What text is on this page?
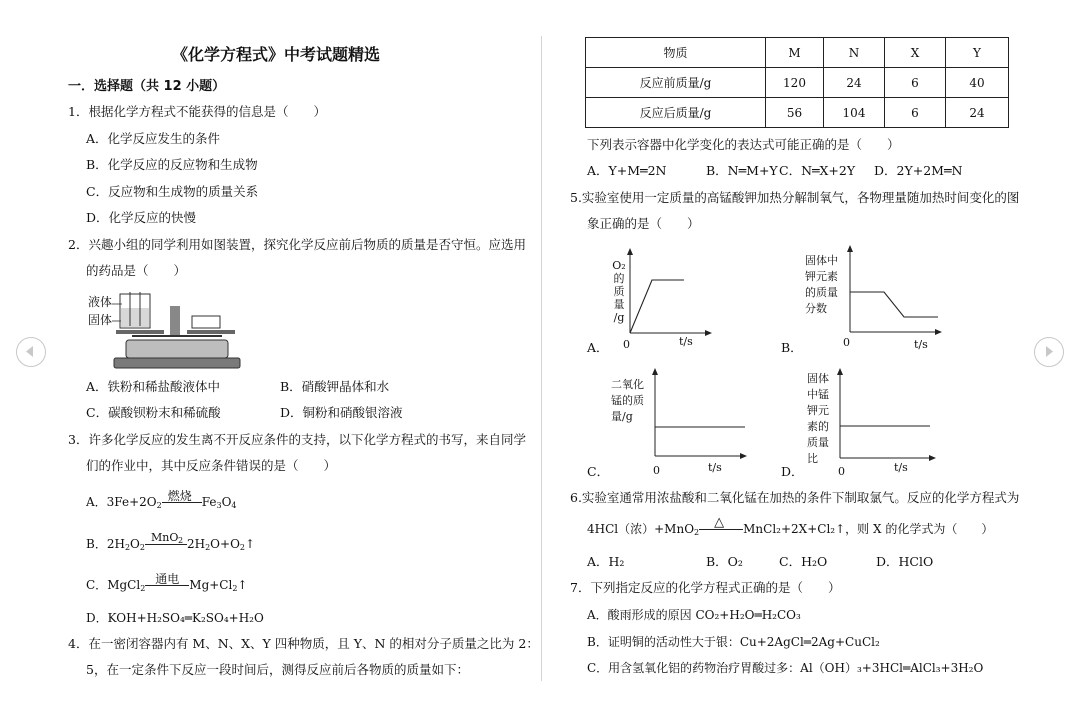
《化学方程式》中考试题精选
一．选择题（共 12 小题）
1．根据化学方程式不能获得的信息是（　　）
A．化学反应发生的条件
B．化学反应的反应物和生成物
C．反应物和生成物的质量关系
D．化学反应的快慢
2．兴趣小组的同学利用如图装置，探究化学反应前后物质的质量是否守恒。应选用
的药品是（　　）
液体
固体
A．铁粉和稀盐酸液体中	B．硝酸钾晶体和水
C．碳酸钡粉末和稀硫酸	D．铜粉和硝酸银溶液
3．许多化学反应的发生离不开反应条件的支持，以下化学方程式的书写，来自同学
们的作业中，其中反应条件错误的是（　　）
A．$3Fe+2O_2$
燃烧 $Fe_3O_4$
B．$2H_2O_2$
MnO 2 $2H_2O+O_2↑$
C．MgCl$_2$
通电 $Mg+Cl_2↑$
D．KOH+H₂SO₄═K₂SO₄+H₂O
4．在一密闭容器内有 M、N、X、Y 四种物质，且 Y、N 的相对分子质量之比为 2：
5，在一定条件下反应一段时间后，测得反应前后各物质的质量如下：
物质	M	N	X	Y
反应前质量/g	120	24	6	40
反应后质量/g	56	104	6	24
下列表示容器中化学变化的表达式可能正确的是（　　）
A．Y+M═2N	B．N═M+Y C．N═X+2Y D．2Y+2M═N
5.实验室使用一定质量的高锰酸钾加热分解制氧气，各物理量随加热时间变化的图
象正确的是（　　）
A．
O₂
的
质
量
/g
0	t/s	B．
固体中
钾元素
的质量
分数
0	t/s
C．
二氧化
锰的质
量/g
0	t/s	D．
固体
中锰
钾元
素的
质量
比
0	t/s
6.实验室通常用浓盐酸和二氧化锰在加热的条件下制取氯气。反应的化学方程式为
4HCl（浓）+MnO$_2$
△ MnCl₂+2X+Cl₂↑，则 X 的化学式为（　　）
A．H₂	B．O₂	C．H₂O	D．HClO
7．下列指定反应的化学方程式正确的是（　　）
A．酸雨形成的原因 CO₂+H₂O═H₂CO₃
B．证明铜的活动性大于银：Cu+2AgCl═2Ag+CuCl₂
C．用含氢氧化铝的药物治疗胃酸过多：Al（OH）₃+3HCl═AlCl₃+3H₂O
